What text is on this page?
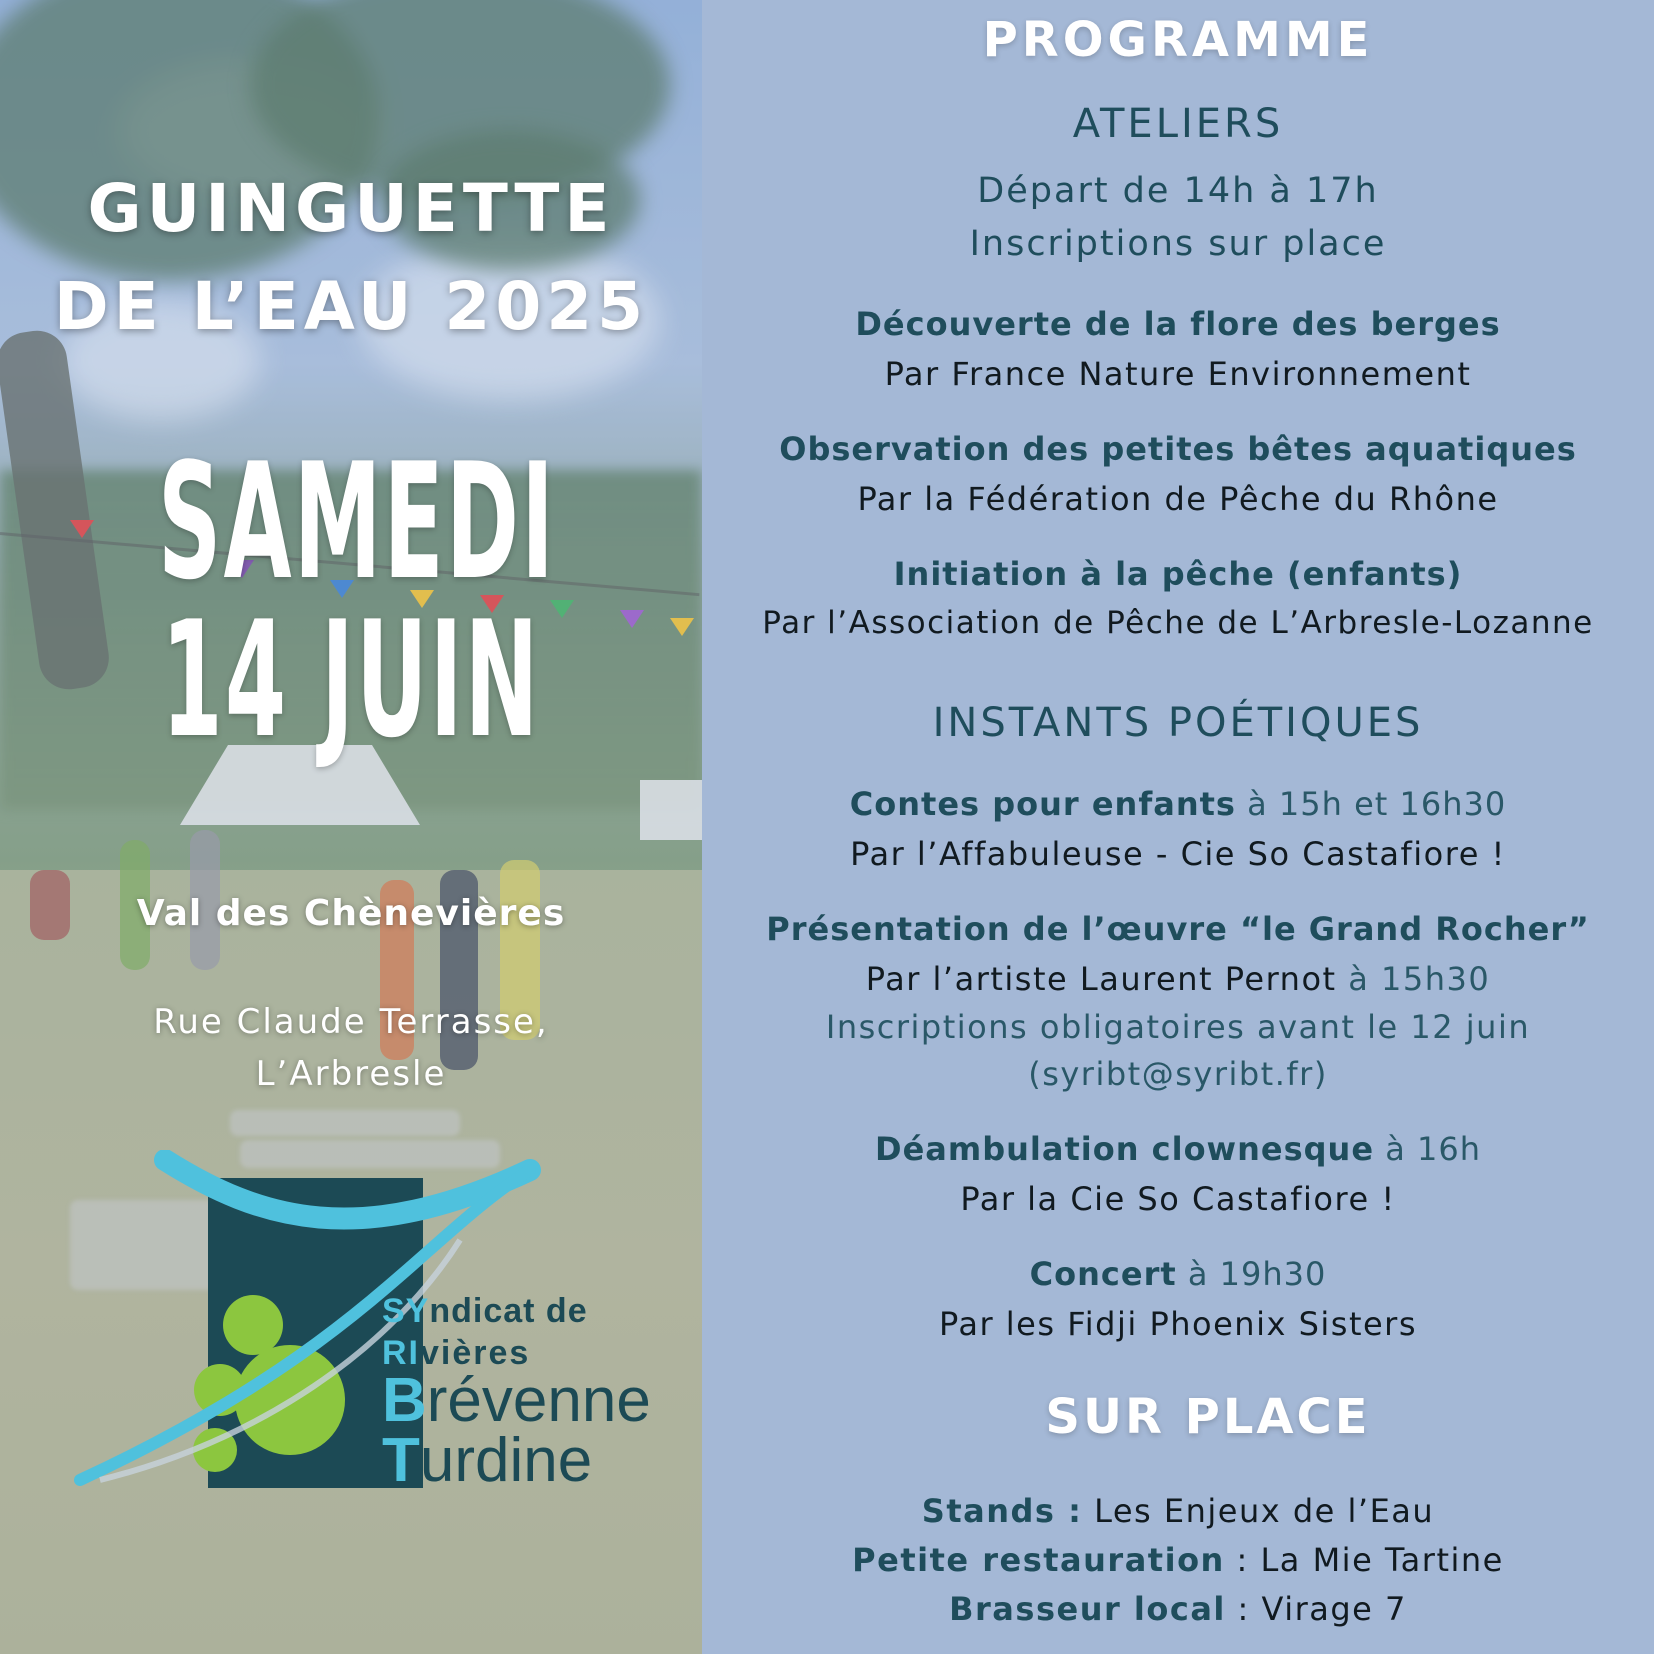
GUINGUETTE
DE L’EAU 2025
SAMEDI
14 JUIN
Val des Chènevières
Rue Claude Terrasse,
L’Arbresle
SYndicat de
RIvières
Brévenne
Turdine
PROGRAMME
ATELIERS
Départ de 14h à 17h
Inscriptions sur place
Découverte de la flore des berges
Par France Nature Environnement
Observation des petites bêtes aquatiques
Par la Fédération de Pêche du Rhône
Initiation à la pêche (enfants)
Par l’Association de Pêche de L’Arbresle-Lozanne
INSTANTS POÉTIQUES
Contes pour enfants à 15h et 16h30
Par l’Affabuleuse - Cie So Castafiore !
Présentation de l’œuvre “le Grand Rocher”
Par l’artiste Laurent Pernot à 15h30
Inscriptions obligatoires avant le 12 juin
(syribt@syribt.fr)
Déambulation clownesque à 16h
Par la Cie So Castafiore !
Concert à 19h30
Par les Fidji Phoenix Sisters
SUR PLACE
Stands : Les Enjeux de l’Eau
Petite restauration : La Mie Tartine
Brasseur local : Virage 7
